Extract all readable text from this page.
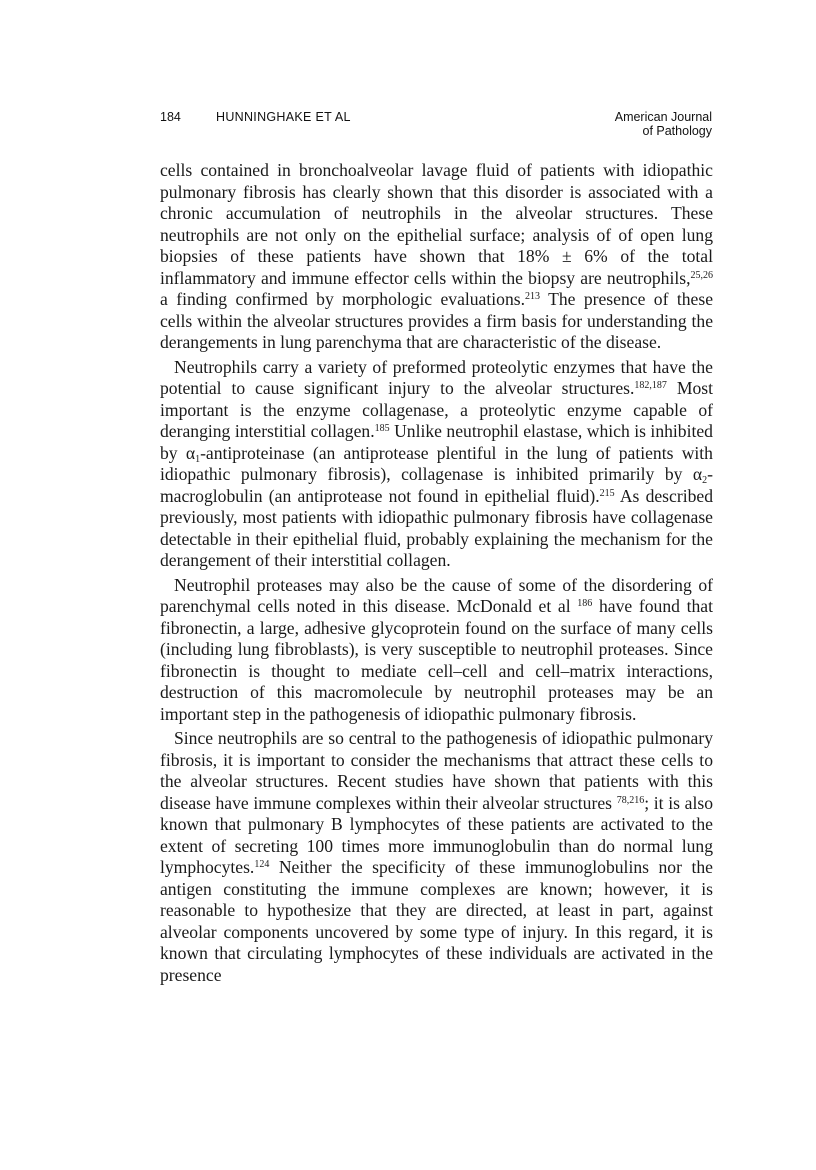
184	HUNNINGHAKE ET AL	American Journal
of Pathology

cells contained in bronchoalveolar lavage fluid of patients with idiopathic pulmonary fibrosis has clearly shown that this disorder is associated with a chronic accumulation of neutrophils in the alveolar structures. These neutrophils are not only on the epithelial surface; analysis of of open lung biopsies of these patients have shown that 18% ± 6% of the total inflammatory and immune effector cells within the biopsy are neutrophils,$^{25,26}$ a finding confirmed by morphologic evaluations.$^{213}$ The presence of these cells within the alveolar structures provides a firm basis for understanding the derangements in lung parenchyma that are characteristic of the disease.

Neutrophils carry a variety of preformed proteolytic enzymes that have the potential to cause significant injury to the alveolar structures.$^{182,187}$ Most important is the enzyme collagenase, a proteolytic enzyme capable of deranging interstitial collagen.$^{185}$ Unlike neutrophil elastase, which is inhibited by $\alpha_1$-antiproteinase (an antiprotease plentiful in the lung of patients with idiopathic pulmonary fibrosis), collagenase is inhibited primarily by $\alpha_2$-macroglobulin (an antiprotease not found in epithelial fluid).$^{215}$ As described previously, most patients with idiopathic pulmonary fibrosis have collagenase detectable in their epithelial fluid, probably explaining the mechanism for the derangement of their interstitial collagen.

Neutrophil proteases may also be the cause of some of the disordering of parenchymal cells noted in this disease. McDonald et al $^{186}$ have found that fibronectin, a large, adhesive glycoprotein found on the surface of many cells (including lung fibroblasts), is very susceptible to neutrophil proteases. Since fibronectin is thought to mediate cell–cell and cell–matrix interactions, destruction of this macromolecule by neutrophil proteases may be an important step in the pathogenesis of idiopathic pulmonary fibrosis.

Since neutrophils are so central to the pathogenesis of idiopathic pulmonary fibrosis, it is important to consider the mechanisms that attract these cells to the alveolar structures. Recent studies have shown that patients with this disease have immune complexes within their alveolar structures $^{78,216}$; it is also known that pulmonary B lymphocytes of these patients are activated to the extent of secreting 100 times more immunoglobulin than do normal lung lymphocytes.$^{124}$ Neither the specificity of these immunoglobulins nor the antigen constituting the immune complexes are known; however, it is reasonable to hypothesize that they are directed, at least in part, against alveolar components uncovered by some type of injury. In this regard, it is known that circulating lymphocytes of these individuals are activated in the presence
